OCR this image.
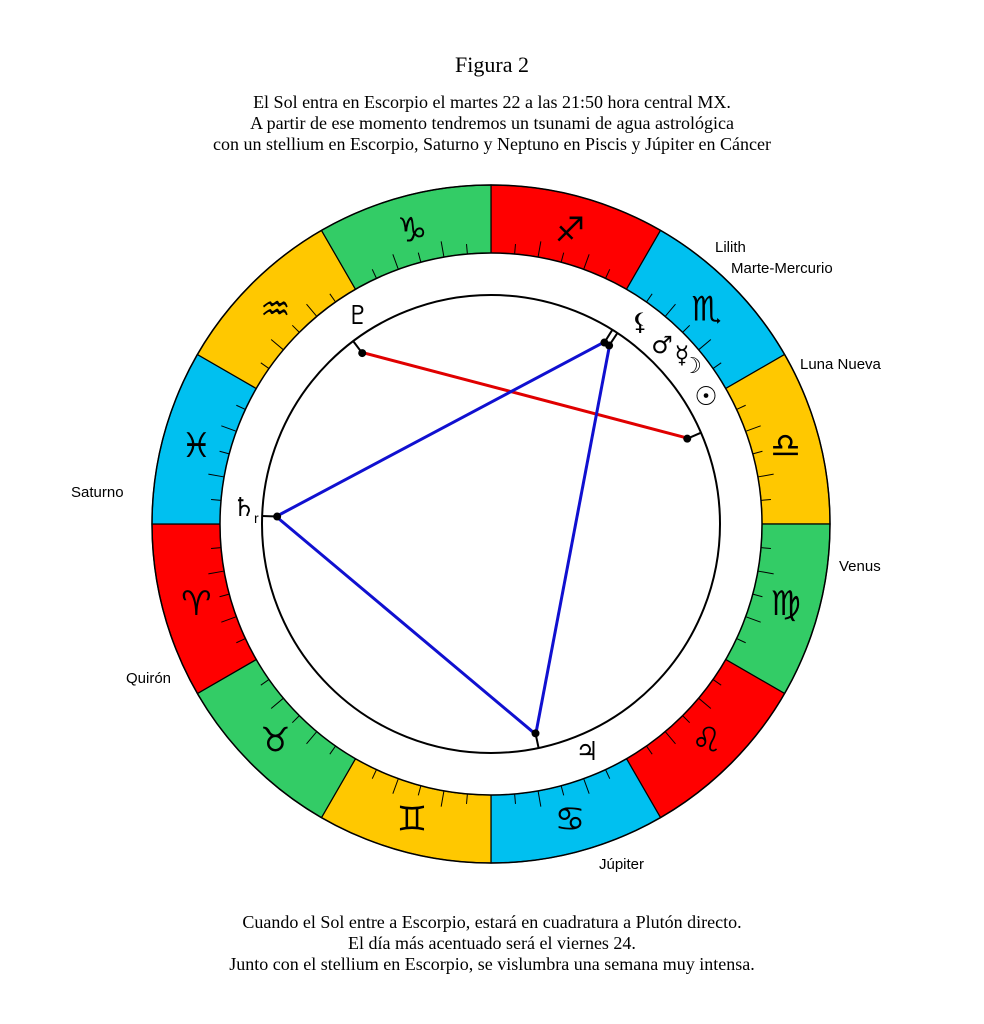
Figura 2
El Sol entra en Escorpio el martes 22 a las 21:50 hora central MX.
A partir de ese momento tendremos un tsunami de agua astrológica
con un stellium en Escorpio, Saturno y Neptuno en Piscis y Júpiter en Cáncer
♐
♏
♎
♍
♌
♋
♊
♉
♈
♓
♒
♑
♇	⚸
♂ ☿
☽
☉
♄
r
♃
Lilith
Marte-Mercurio
Luna Nueva
Venus
Saturno
Quirón
Júpiter
Cuando el Sol entre a Escorpio, estará en cuadratura a Plutón directo.
El día más acentuado será el viernes 24.
Junto con el stellium en Escorpio, se vislumbra una semana muy intensa.
